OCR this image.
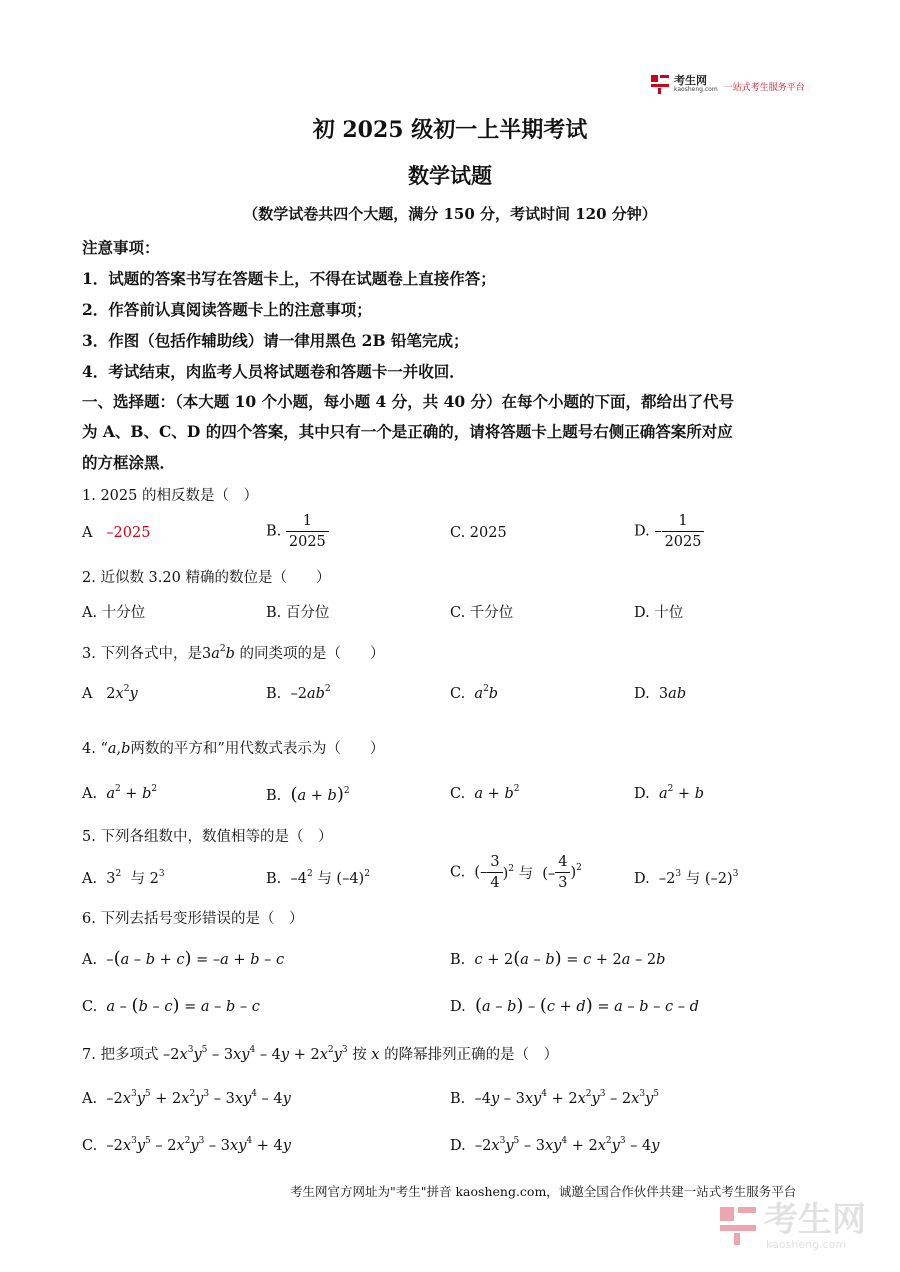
考生网
kaosheng.com 一站式考生服务平台
初 2025 级初一上半期考试
数学试题
（数学试卷共四个大题，满分 150 分，考试时间 120 分钟）
注意事项：
1．试题的答案书写在答题卡上，不得在试题卷上直接作答；
2．作答前认真阅读答题卡上的注意事项；
3．作图（包括作辅助线）请一律用黑色 2B 铅笔完成；
4．考试结束，肉监考人员将试题卷和答题卡一并收回．
一、选择题：（本大题 10 个小题，每小题 4 分，共 40 分）在每个小题的下面，都给出了代号
为 A、B、C、D 的四个答案，其中只有一个是正确的，请将答题卡上题号右侧正确答案所对应
的方框涂黑．
1. 2025 的相反数是（　）
A   –2025	B. $\frac{1}{2025}$	C. 2025	D. – $\frac{1}{2025}$
2. 近似数 3.20 精确的数位是（　　）
A. 十分位	B. 百分位	C. 千分位	D. 十位
3. 下列各式中，是$3a^2b$ 的同类项的是（　　）
A   $2x^2y$	B.  $-2ab^2$	C. $a^2b$	D.  3ab
4. “a,b两数的平方和”用代数式表示为（　　）
A. $a^2 + b^2$	B. $(a + b)^2$	C. $a + b^2$	D. $a^2 + b$
5. 下列各组数中，数值相等的是（　）
A.  $3^2$ 与 $2^3$	B.  $-4^2$ 与 $(-4)^2$	C.  (– $\frac{3}{4} )^2$ 与  (– $\frac{4}{3} )^2$
D.  $-2^3$ 与 $(-2)^3$
6. 下列去括号变形错误的是（　）
A.  –(a – b + c) = –a + b – c	B. c + 2(a – b) = c + 2a – 2b
C. a – (b – c) = a – b – c	D. (a – b) – (c + d) = a – b – c – d
7. 把多项式 $-2x^3y^5 - 3xy^4 - 4y + 2x^2y^3$ 按 x 的降幂排列正确的是（　）
A.  $-2x^3y^5 + 2x^2y^3 - 3xy^4 - 4y$	B.  $-4y - 3xy^4 + 2x^2y^3 - 2x^3y^5$
C.  $-2x^3y^5 - 2x^2y^3 - 3xy^4 + 4y$	D.  $-2x^3y^5 - 3xy^4 + 2x^2y^3 - 4y$
考生网官方网址为"考生"拼音 kaosheng.com，诚邀全国合作伙伴共建一站式考生服务平台
考生网
kaosheng.com
